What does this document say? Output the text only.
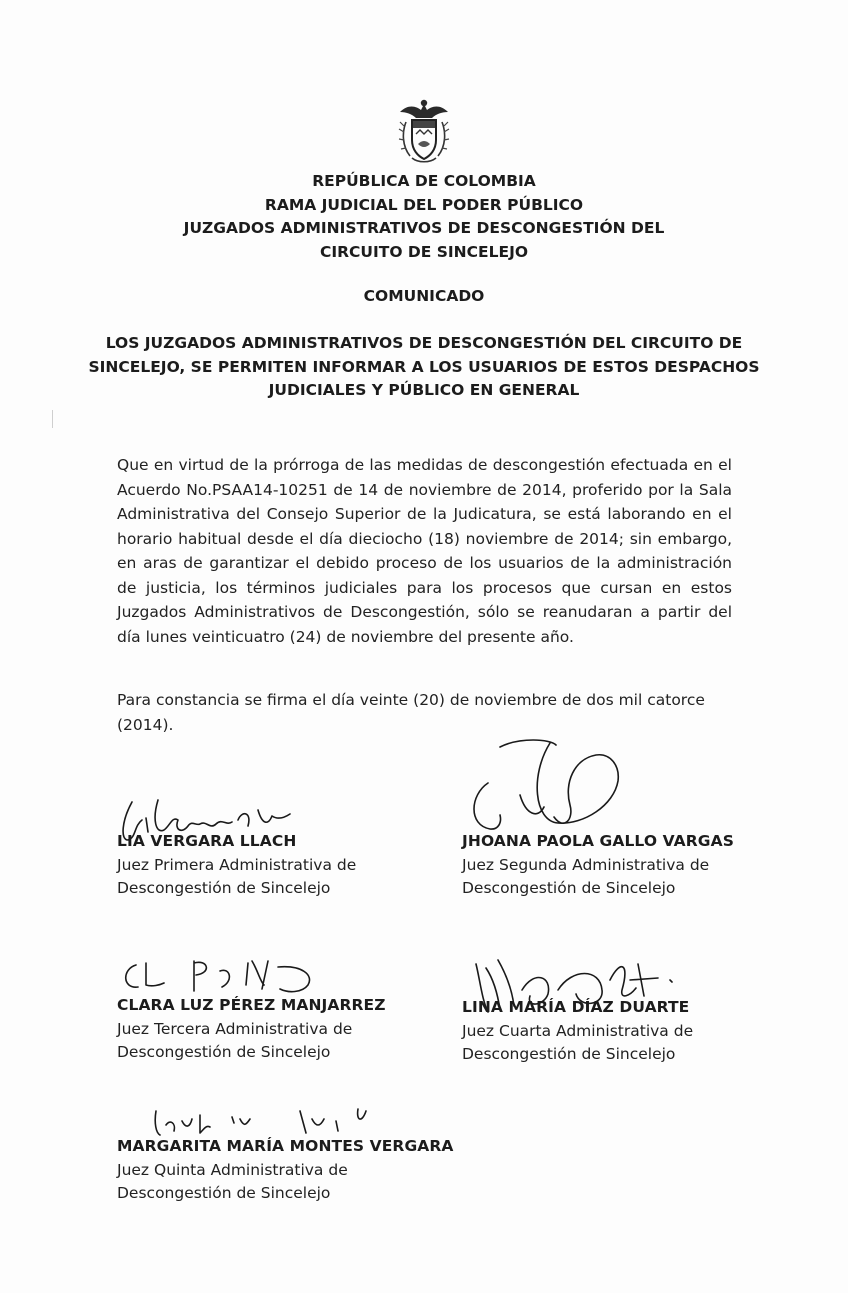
REPÚBLICA DE COLOMBIA
RAMA JUDICIAL DEL PODER PÚBLICO
JUZGADOS ADMINISTRATIVOS DE DESCONGESTIÓN DEL
CIRCUITO DE SINCELEJO
COMUNICADO
LOS JUZGADOS ADMINISTRATIVOS DE DESCONGESTIÓN DEL CIRCUITO DE
SINCELEJO, SE PERMITEN INFORMAR A LOS USUARIOS DE ESTOS DESPACHOS
JUDICIALES Y PÚBLICO EN GENERAL
Que en virtud de la prórroga de las medidas de descongestión efectuada en el Acuerdo No.PSAA14-10251 de 14 de noviembre de 2014, proferido por la Sala Administrativa del Consejo Superior de la Judicatura, se está laborando en el horario habitual desde el día dieciocho (18) noviembre de 2014; sin embargo, en aras de garantizar el debido proceso de los usuarios de la administración de justicia, los términos judiciales para los procesos que cursan en estos Juzgados Administrativos de Descongestión, sólo se reanudaran a partir del día lunes veinticuatro (24) de noviembre del presente año.
Para constancia se firma el día veinte (20) de noviembre de dos mil catorce (2014).
LIA VERGARA LLACH
Juez Primera Administrativa de
Descongestión de Sincelejo
JHOANA PAOLA GALLO VARGAS
Juez Segunda Administrativa de
Descongestión de Sincelejo
CLARA LUZ PÉREZ MANJARREZ
Juez Tercera Administrativa de
Descongestión de Sincelejo
LINA MARÍA DÍAZ DUARTE
Juez Cuarta Administrativa de
Descongestión de Sincelejo
MARGARITA MARÍA MONTES VERGARA
Juez Quinta Administrativa de
Descongestión de Sincelejo
